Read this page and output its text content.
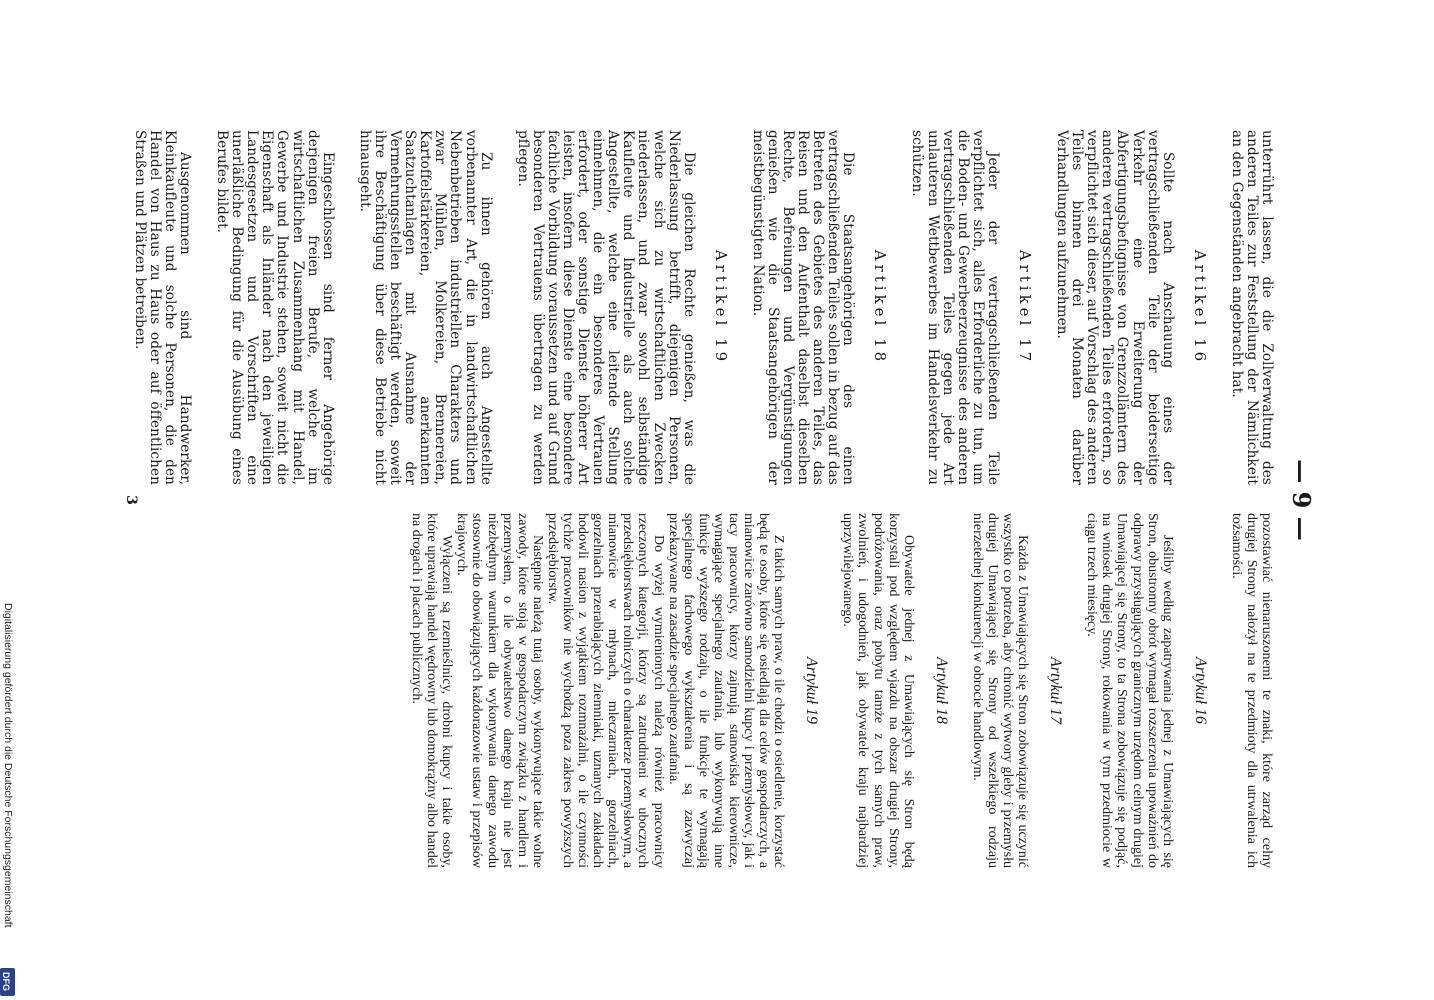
— 9 —

unterrührt lassen, die die Zollverwaltung des anderen Teiles zur Feststellung der Nämlichkeit an den Gegenständen angebracht hat.

Artikel 16

Sollte nach Anschauung eines der vertragschließenden Teile der beiderseitige Verkehr eine Erweiterung der Abfertigungsbefugnisse von Grenzzollämtern des anderen vertragschließenden Teiles erfordern, so verpflichtet sich dieser, auf Vorschlag des anderen Teiles binnen drei Monaten darüber Verhandlungen aufzunehmen.

Artikel 17

Jeder der vertragschließenden Teile verpflichtet sich, alles Erforderliche zu tun, um die Boden- und Gewerbeerzeugnisse des anderen vertragschließenden Teiles gegen jede Art unlauteren Wettbewerbes im Handelsverkehr zu schützen.

Artikel 18

Die Staatsangehörigen des einen vertragschließenden Teiles sollen in bezug auf das Betreten des Gebietes des anderen Teiles, das Reisen und den Aufenthalt daselbst dieselben Rechte, Befreiungen und Vergünstigungen genießen wie die Staatsangehörigen der meistbegünstigten Nation.

Artikel 19

Die gleichen Rechte genießen, was die Niederlassung betrifft, diejenigen Personen, welche sich zu wirtschaftlichen Zwecken niederlassen, und zwar sowohl selbständige Kaufleute und Industrielle als auch solche Angestellte, welche eine leitende Stellung einnehmen, die ein besonderes Vertrauen erfordert, oder sonstige Dienste höherer Art leisten, insofern diese Dienste eine besondere fachliche Vorbildung voraussetzen und auf Grund besonderen Vertrauens übertragen zu werden pflegen.

Zu ihnen gehören auch Angestellte vorbenannter Art, die in landwirtschaftlichen Nebenbetrieben industriellen Charakters und zwar Mühlen, Molkereien, Brennereien, Kartoffelstärkereien, anerkannten Saatzuchtanlagen mit Ausnahme der Vermehrungsstellen beschäftigt werden, soweit ihre Beschäftigung über diese Betriebe nicht hinausgeht.

Eingeschlossen sind ferner Angehörige derjenigen freien Berufe, welche im wirtschaftlichen Zusammenhang mit Handel, Gewerbe und Industrie stehen, soweit nicht die Eigenschaft als Inländer nach den jeweiligen Landesgesetzen und Vorschriften eine unerläßliche Bedingung für die Ausübung eines Berufes bildet.

Ausgenommen sind Handwerker, Kleinkaufleute und solche Personen, die den Handel von Haus zu Haus oder auf öffentlichen Straßen und Plätzen betreiben.

pozostawiać nienaruszonemi te znaki, które zarząd celny drugiej Strony nałożył na te przedmioty dla utrwalenia ich tożsamości.

Artykuł 16

Jeśliby według zapatrywania jednej z Umawiających się Stron, obustronny obrót wymagał rozszerzenia upoważnień do odprawy przysługujących granicznym urzędom celnym drugiej Umawiającej się Strony, to ta Strona zobowiązuje się podjąć, na wniosek drugiej Strony, rokowania w tym przedmiocie w ciągu trzech miesięcy.

Artykuł 17

Każda z Umawiających się Stron zobowiązuje się uczynić wszystko co potrzeba, aby chronić wytwory gleby i przemysłu drugiej Umawiającej się Strony od wszelkiego rodzaju nierzetelnej konkurencji w obrocie handlowym.

Artykuł 18

Obywatele jednej z Umawiających się Stron będą korzystali pod względem wjazdu na obszar drugiej Strony, podróżowania, oraz pobytu tamże z tych samych praw, zwolnień, i udogodnień, jak obywatele kraju najbardziej uprzywilejowanego.

Artykuł 19

Z takich samych praw, o ile chodzi o osiedlenie, korzystać będą te osoby, które się osiedlają dla celów gospodarczych, a mianowicie zarówno samodzielni kupcy i przemysłowcy, jak i tacy pracownicy, którzy zajmują stanowiska kierownicze, wymagające specjalnego zaufania, lub wykonywują inne funkcje wyższego rodzaju, o ile funkcje te wymagają specjalnego fachowego wykształcenia i są zazwyczaj przekazywane na zasadzie specjalnego zaufania.

Do wyżej wymienionych należą również pracownicy rzeczonych kategorji, którzy są zatrudnieni w ubocznych przedsiębiorstwach rolniczych o charakterze przemysłowym, a mianowicie w młynach, mleczarniach, gorzelniach, gorzelniach przerabiających ziemniaki, uznanych zakładach hodowli nasion z wyjątkiem rozmnażalni, o ile czynności tychże pracowników nie wychodzą poza zakres powyższych przedsiębiorstw.

Następnie należą tutaj osoby, wykonywujące takie wolne zawody, które stoją w gospodarczym związku z handlem i przemysłem, o ile obywatelstwo danego kraju nie jest niezbędnym warunkiem dla wykonywania danego zawodu stosownie do obowiązujących każdorazowie ustaw i przepisów krajowych.

Wyłączeni są rzemieślnicy, drobni kupcy i takie osoby, które uprawiają handel wędrowny lub domokrążny albo handel na drogach i placach publicznych.

3
Digitalisierung gefördert durch die Deutsche Forschungsgemeinschaft
DFG
